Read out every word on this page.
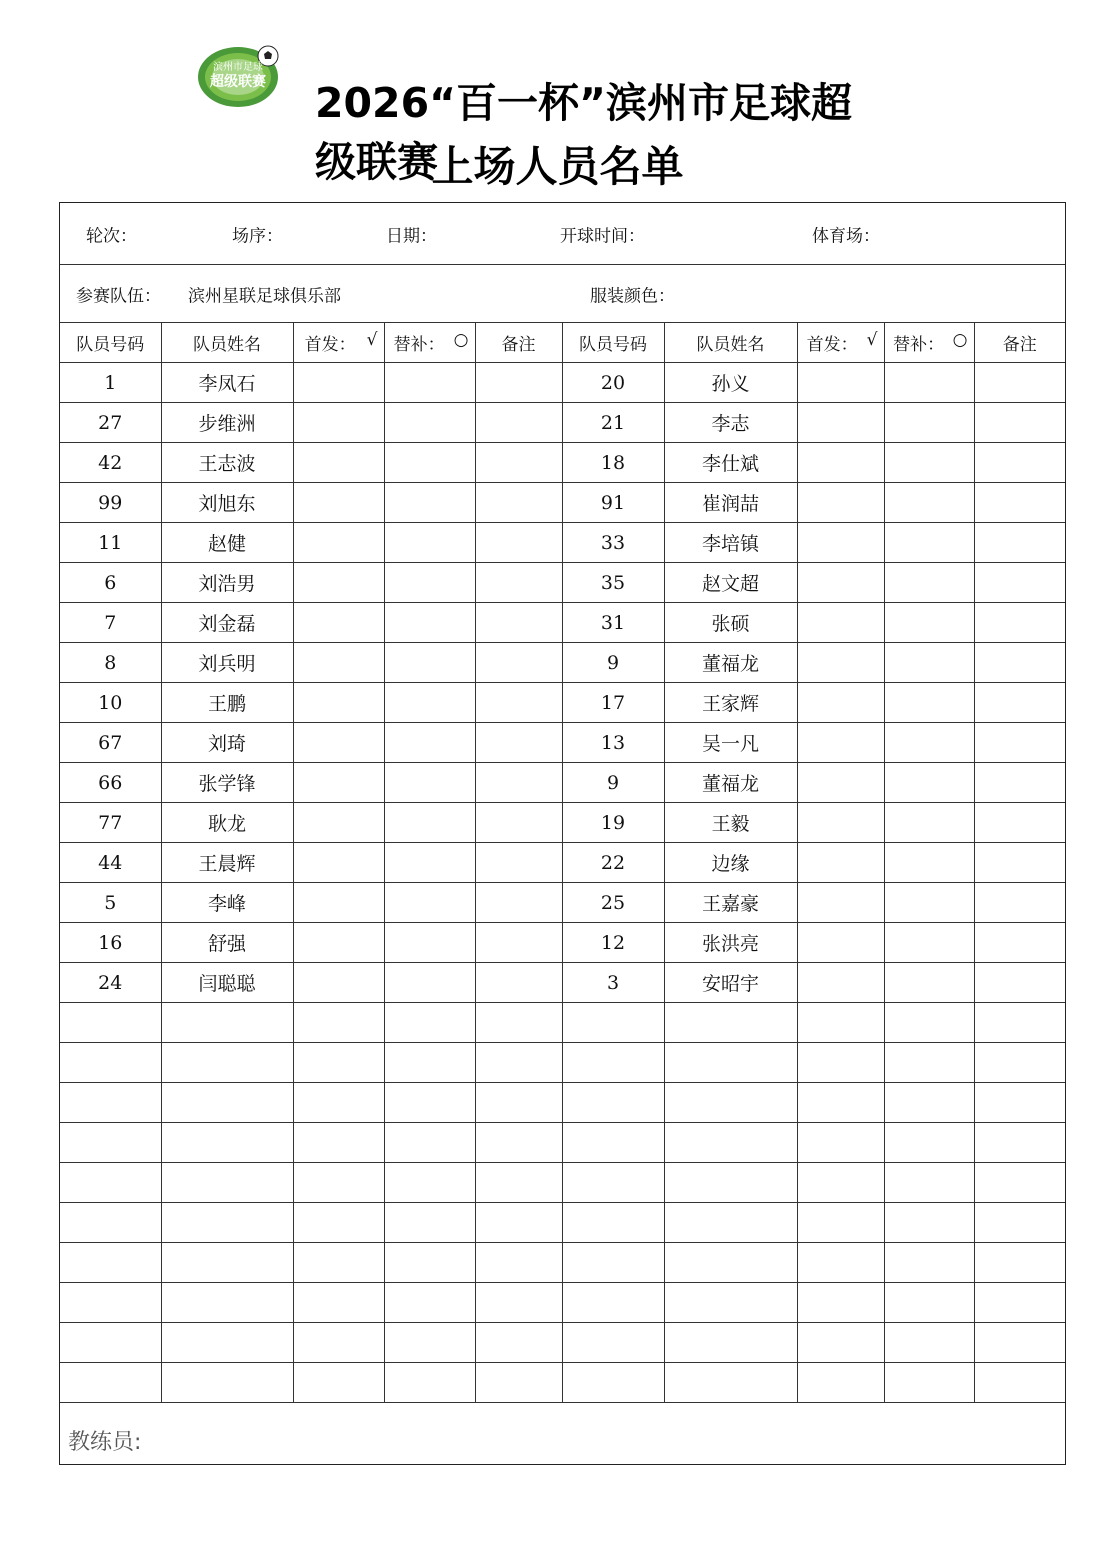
滨州市足球
超级联赛	2026“百一杯”滨州市足球超级联赛
上场人员名单
轮次：	场序：	日期：	开球时间：	体育场：
参赛队伍： 滨州星联足球俱乐部	服装颜色：
队员号码	队员姓名	首发： √	替补： ○	备注	队员号码	队员姓名	首发： √	替补： ○	备注
1	李凤石				20	孙义			
27	步维洲				21	李志			
42	王志波				18	李仕斌			
99	刘旭东				91	崔润喆			
11	赵健				33	李培镇			
6	刘浩男				35	赵文超			
7	刘金磊				31	张硕			
8	刘兵明				9	董福龙			
10	王鹏				17	王家辉			
67	刘琦				13	吴一凡			
66	张学锋				9	董福龙			
77	耿龙				19	王毅			
44	王晨辉				22	边缘			
5	李峰				25	王嘉豪			
16	舒强				12	张洪亮			
24	闫聪聪				3	安昭宇			

教练员:
